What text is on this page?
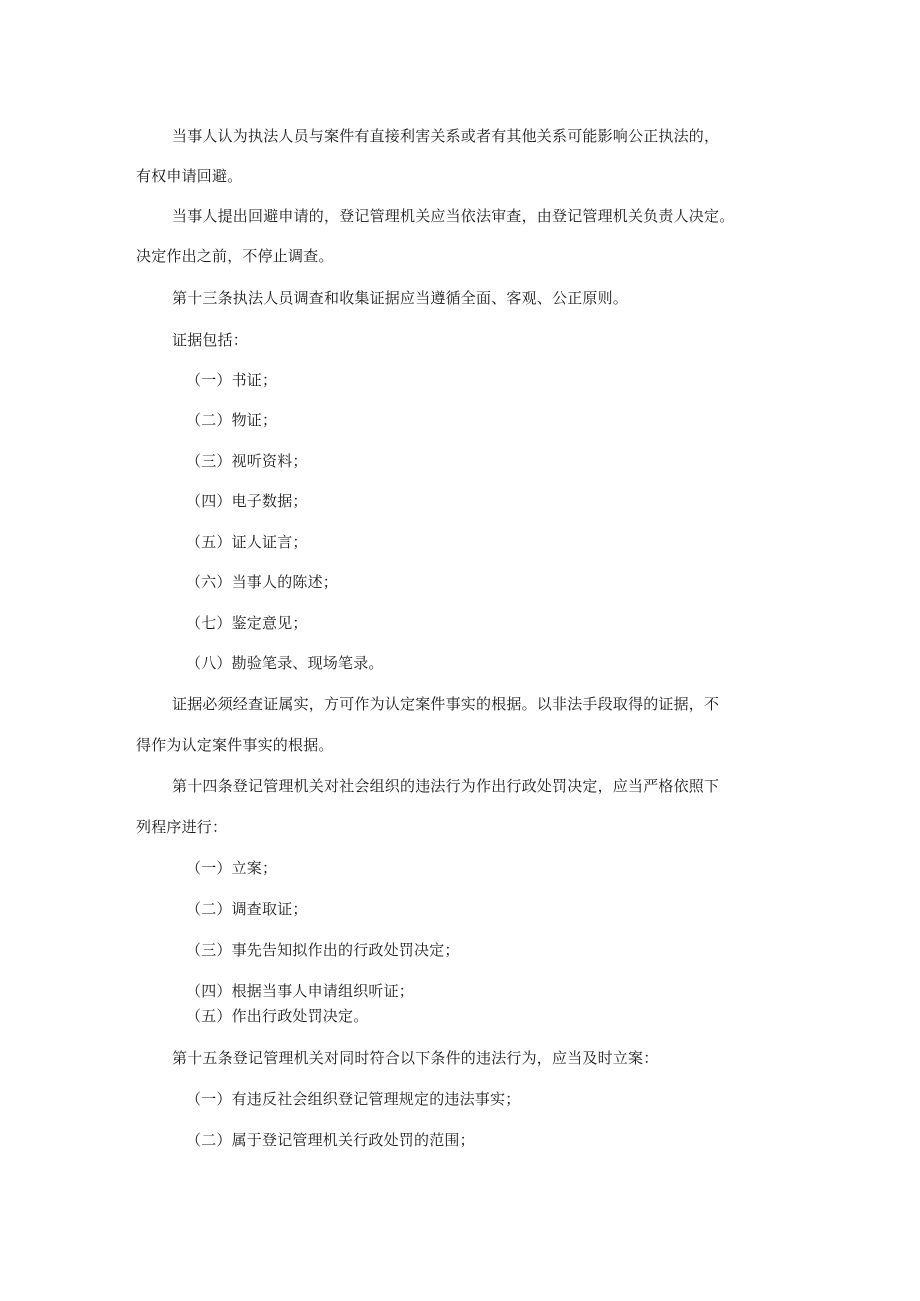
当事人认为执法人员与案件有直接利害关系或者有其他关系可能影响公正执法的，
有权申请回避。
当事人提出回避申请的，登记管理机关应当依法审查，由登记管理机关负责人决定。
决定作出之前，不停止调查。
第十三条执法人员调查和收集证据应当遵循全面、客观、公正原则。
证据包括：
（一）书证；
（二）物证；
（三）视听资料；
（四）电子数据；
（五）证人证言；
（六）当事人的陈述；
（七）鉴定意见；
（八）勘验笔录、现场笔录。
证据必须经查证属实，方可作为认定案件事实的根据。以非法手段取得的证据，不
得作为认定案件事实的根据。
第十四条登记管理机关对社会组织的违法行为作出行政处罚决定，应当严格依照下
列程序进行：
（一）立案；
（二）调查取证；
（三）事先告知拟作出的行政处罚决定；
（四）根据当事人申请组织听证；
（五）作出行政处罚决定。
第十五条登记管理机关对同时符合以下条件的违法行为，应当及时立案：
（一）有违反社会组织登记管理规定的违法事实；
（二）属于登记管理机关行政处罚的范围；
